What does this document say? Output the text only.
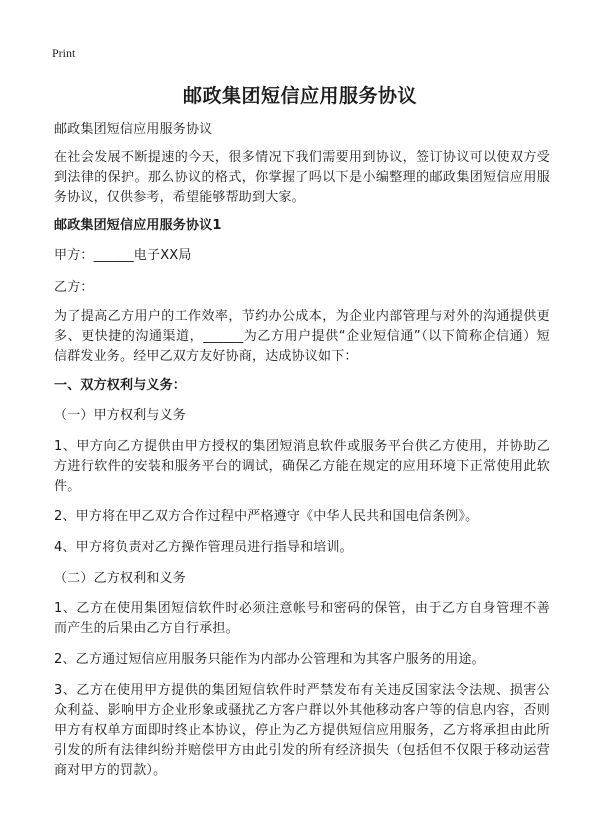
Print
邮政集团短信应用服务协议
邮政集团短信应用服务协议
在社会发展不断提速的今天，很多情况下我们需要用到协议，签订协议可以使双方受到法律的保护。那么协议的格式，你掌握了吗以下是小编整理的邮政集团短信应用服务协议，仅供参考，希望能够帮助到大家。
邮政集团短信应用服务协议1
甲方：______电子XX局
乙方：
为了提高乙方用户的工作效率，节约办公成本，为企业内部管理与对外的沟通提供更多、更快捷的沟通渠道，______为乙方用户提供“企业短信通”（以下简称企信通）短信群发业务。经甲乙双方友好协商，达成协议如下：
一、双方权利与义务：
（一）甲方权利与义务
1、甲方向乙方提供由甲方授权的集团短消息软件或服务平台供乙方使用，并协助乙方进行软件的安装和服务平台的调试，确保乙方能在规定的应用环境下正常使用此软件。
2、甲方将在甲乙双方合作过程中严格遵守《中华人民共和国电信条例》。
4、甲方将负责对乙方操作管理员进行指导和培训。
（二）乙方权利和义务
1、乙方在使用集团短信软件时必须注意帐号和密码的保管，由于乙方自身管理不善而产生的后果由乙方自行承担。
2、乙方通过短信应用服务只能作为内部办公管理和为其客户服务的用途。
3、乙方在使用甲方提供的集团短信软件时严禁发布有关违反国家法令法规、损害公众利益、影响甲方企业形象或骚扰乙方客户群以外其他移动客户等的信息内容，否则甲方有权单方面即时终止本协议，停止为乙方提供短信应用服务，乙方将承担由此所引发的所有法律纠纷并赔偿甲方由此引发的所有经济损失（包括但不仅限于移动运营商对甲方的罚款）。
